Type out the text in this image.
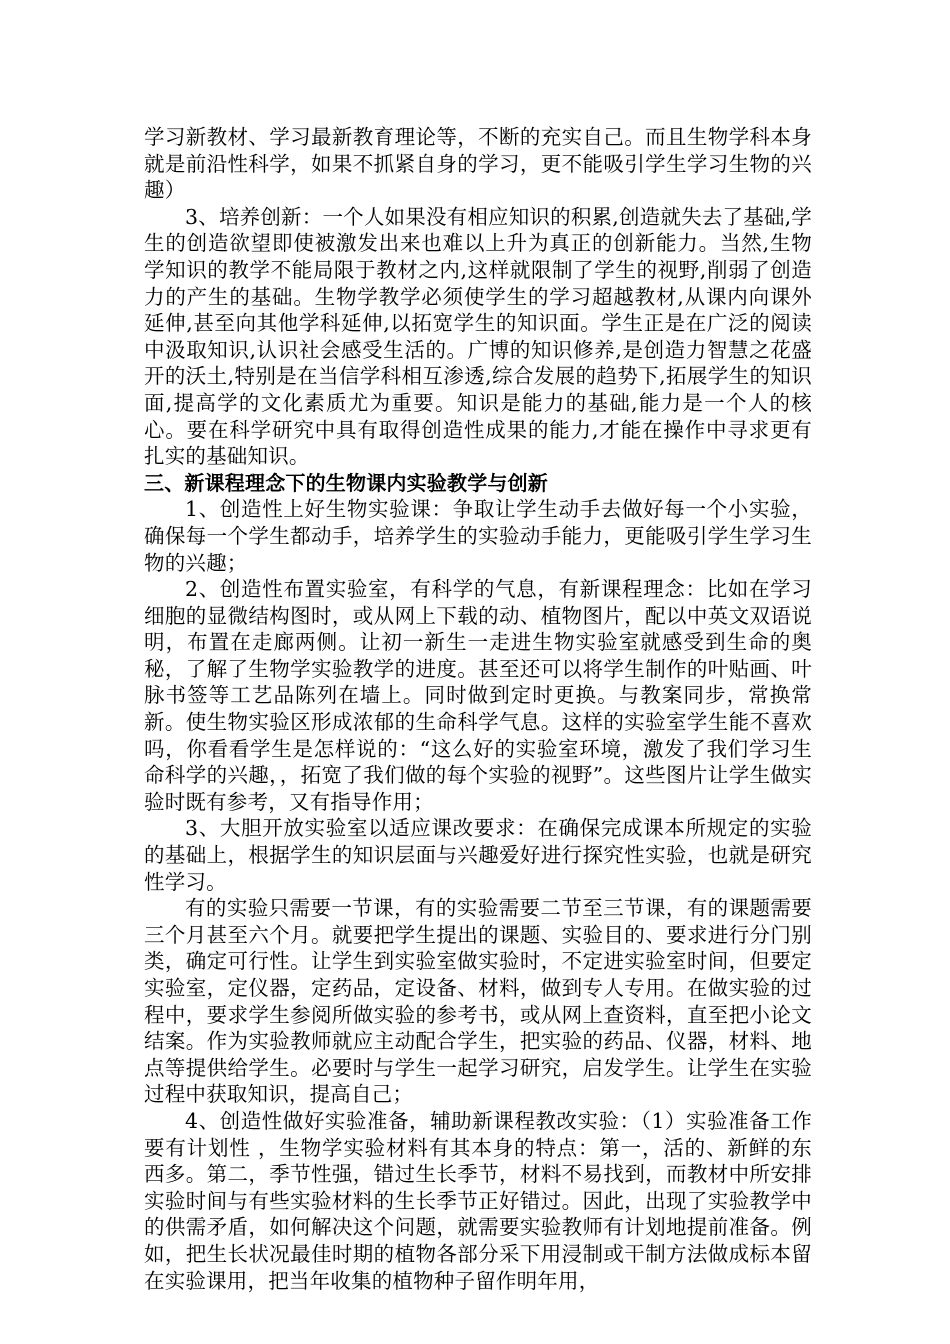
学习新教材、学习最新教育理论等，不断的充实自己。而且生物学科本身就是前沿性科学，如果不抓紧自身的学习，更不能吸引学生学习生物的兴趣）

3、培养创新：一个人如果没有相应知识的积累,创造就失去了基础,学生的创造欲望即使被激发出来也难以上升为真正的创新能力。当然,生物学知识的教学不能局限于教材之内,这样就限制了学生的视野,削弱了创造力的产生的基础。生物学教学必须使学生的学习超越教材,从课内向课外延伸,甚至向其他学科延伸,以拓宽学生的知识面。学生正是在广泛的阅读中汲取知识,认识社会感受生活的。广博的知识修养,是创造力智慧之花盛开的沃土,特别是在当信学科相互渗透,综合发展的趋势下,拓展学生的知识面,提高学的文化素质尤为重要。知识是能力的基础,能力是一个人的核心。要在科学研究中具有取得创造性成果的能力,才能在操作中寻求更有扎实的基础知识。

三、新课程理念下的生物课内实验教学与创新

1、创造性上好生物实验课：争取让学生动手去做好每一个小实验，确保每一个学生都动手，培养学生的实验动手能力，更能吸引学生学习生物的兴趣；

2、创造性布置实验室，有科学的气息，有新课程理念：比如在学习细胞的显微结构图时，或从网上下载的动、植物图片，配以中英文双语说明，布置在走廊两侧。让初一新生一走进生物实验室就感受到生命的奥秘，了解了生物学实验教学的进度。甚至还可以将学生制作的叶贴画、叶脉书签等工艺品陈列在墙上。同时做到定时更换。与教案同步，常换常新。使生物实验区形成浓郁的生命科学气息。这样的实验室学生能不喜欢吗，你看看学生是怎样说的：“这么好的实验室环境，激发了我们学习生命科学的兴趣，，拓宽了我们做的每个实验的视野”。这些图片让学生做实验时既有参考，又有指导作用；

3、大胆开放实验室以适应课改要求：在确保完成课本所规定的实验的基础上，根据学生的知识层面与兴趣爱好进行探究性实验，也就是研究性学习。

有的实验只需要一节课，有的实验需要二节至三节课，有的课题需要三个月甚至六个月。就要把学生提出的课题、实验目的、要求进行分门别类，确定可行性。让学生到实验室做实验时，不定进实验室时间，但要定实验室，定仪器，定药品，定设备、材料，做到专人专用。在做实验的过程中，要求学生参阅所做实验的参考书，或从网上查资料，直至把小论文结案。作为实验教师就应主动配合学生，把实验的药品、仪器，材料、地点等提供给学生。必要时与学生一起学习研究，启发学生。让学生在实验过程中获取知识，提高自己；

4、创造性做好实验准备，辅助新课程教改实验：（1）实验准备工作要有计划性 ，生物学实验材料有其本身的特点：第一，活的、新鲜的东西多。第二，季节性强，错过生长季节，材料不易找到，而教材中所安排实验时间与有些实验材料的生长季节正好错过。因此，出现了实验教学中的供需矛盾，如何解决这个问题，就需要实验教师有计划地提前准备。例如，把生长状况最佳时期的植物各部分采下用浸制或干制方法做成标本留在实验课用，把当年收集的植物种子留作明年用，
